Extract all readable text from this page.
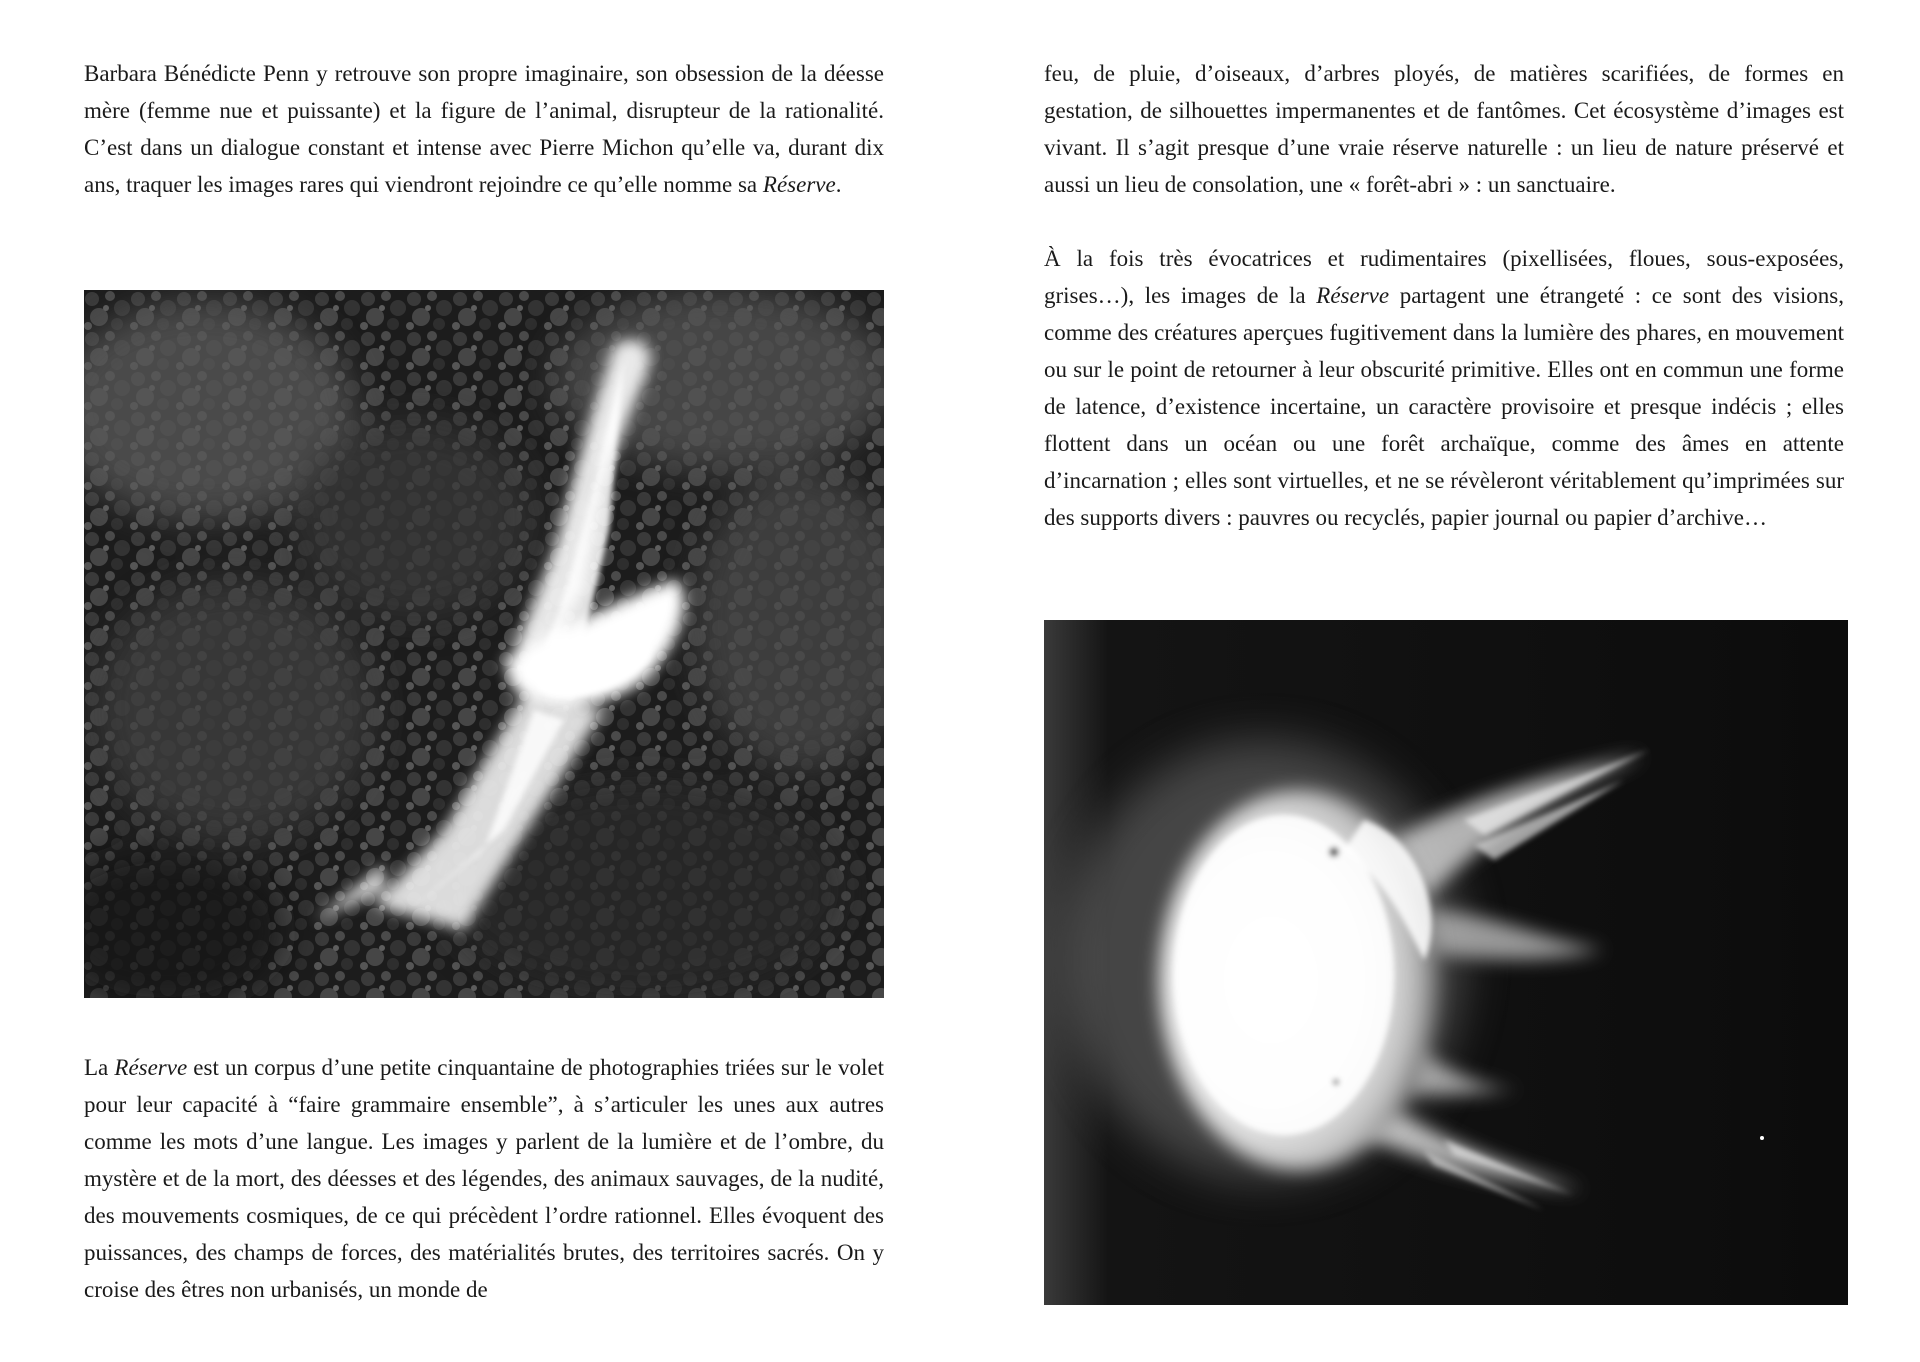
Barbara Bénédicte Penn y retrouve son propre imaginaire, son obsession de la déesse mère (femme nue et puissante) et la figure de l’animal, disrupteur de la rationalité. C’est dans un dialogue constant et intense avec Pierre Michon qu’elle va, durant dix ans, traquer les images rares qui viendront rejoindre ce qu’elle nomme sa Réserve.

La Réserve est un corpus d’une petite cinquantaine de photographies triées sur le volet pour leur capacité à “faire grammaire ensemble”, à s’articuler les unes aux autres comme les mots d’une langue. Les images y parlent de la lumière et de l’ombre, du mystère et de la mort, des déesses et des légendes, des animaux sauvages, de la nudité, des mouvements cosmiques, de ce qui précèdent l’ordre rationnel. Elles évoquent des puissances, des champs de forces, des matérialités brutes, des territoires sacrés. On y croise des êtres non urbanisés, un monde de

feu, de pluie, d’oiseaux, d’arbres ployés, de matières scarifiées, de formes en gestation, de silhouettes impermanentes et de fantômes. Cet écosystème d’images est vivant. Il s’agit presque d’une vraie réserve naturelle : un lieu de nature préservé et aussi un lieu de consolation, une « forêt-abri » : un sanctuaire.

À la fois très évocatrices et rudimentaires (pixellisées, floues, sous-exposées, grises…), les images de la Réserve partagent une étrangeté : ce sont des visions, comme des créatures aperçues fugitivement dans la lumière des phares, en mouvement ou sur le point de retourner à leur obscurité primitive. Elles ont en commun une forme de latence, d’existence incertaine, un caractère provisoire et presque indécis ; elles flottent dans un océan ou une forêt archaïque, comme des âmes en attente d’incarnation ; elles sont virtuelles, et ne se révèleront véritablement qu’imprimées sur des supports divers : pauvres ou recyclés, papier journal ou papier d’archive…
